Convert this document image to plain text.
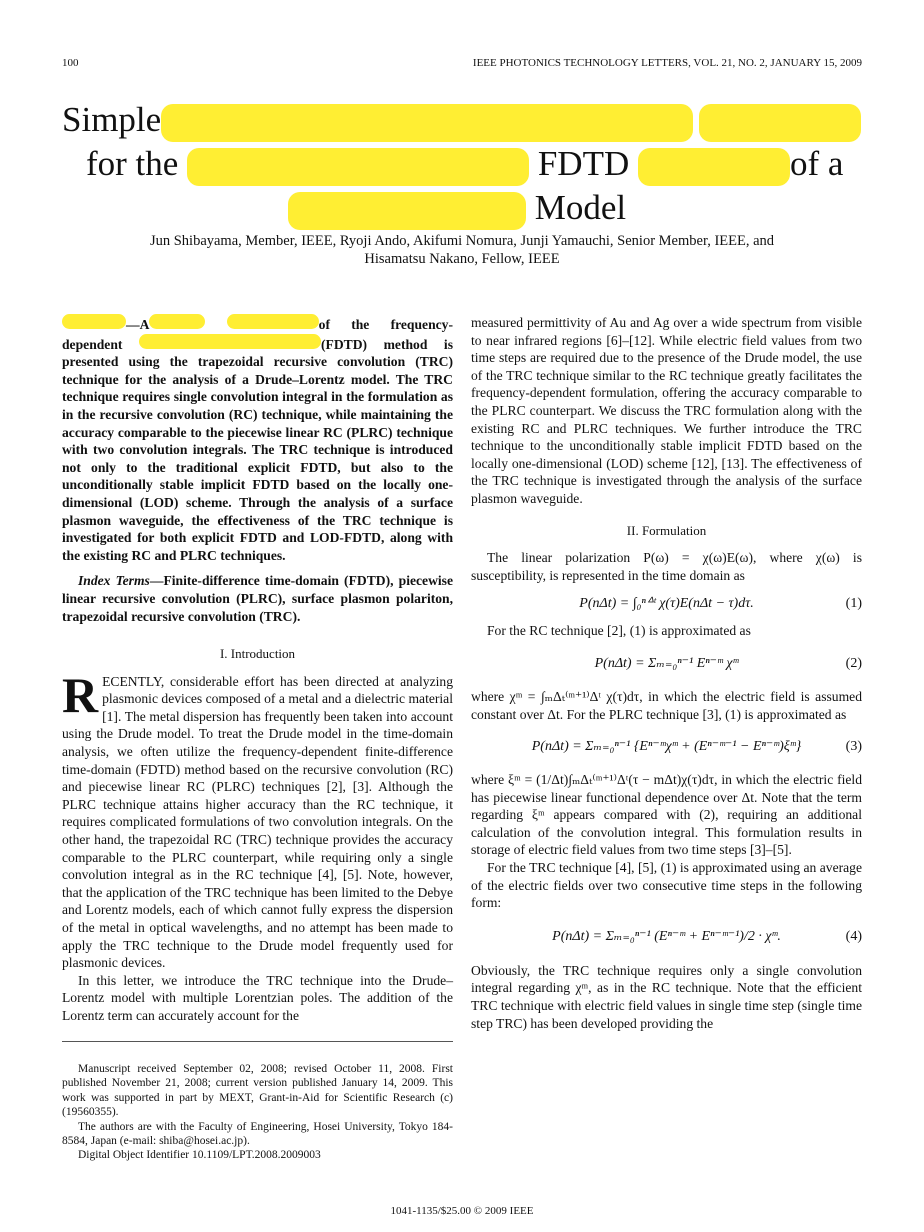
100	IEEE PHOTONICS TECHNOLOGY LETTERS, VOL. 21, NO. 2, JANUARY 15, 2009
Simple
for the	FDTD	of a
Model
Jun Shibayama, Member, IEEE, Ryoji Ando, Akifumi Nomura, Junji Yamauchi, Senior Member, IEEE, and
Hisamatsu Nakano, Fellow, IEEE

—A	of the frequency-dependent	(FDTD) method is presented using the trapezoidal recursive convolution (TRC) technique for the analysis of a Drude–Lorentz model. The TRC technique requires single convolution integral in the formulation as in the recursive convolution (RC) technique, while maintaining the accuracy comparable to the piecewise linear RC (PLRC) technique with two convolution integrals. The TRC technique is introduced not only to the traditional explicit FDTD, but also to the unconditionally stable implicit FDTD based on the locally one-dimensional (LOD) scheme. Through the analysis of a surface plasmon waveguide, the effectiveness of the TRC technique is investigated for both explicit FDTD and LOD-FDTD, along with the existing RC and PLRC techniques.

Index Terms—Finite-difference time-domain (FDTD), piecewise linear recursive convolution (PLRC), surface plasmon polariton, trapezoidal recursive convolution (TRC).

I. Introduction

RECENTLY, considerable effort has been directed at analyzing plasmonic devices composed of a metal and a dielectric material [1]. The metal dispersion has frequently been taken into account using the Drude model. To treat the Drude model in the time-domain analysis, we often utilize the frequency-dependent finite-difference time-domain (FDTD) method based on the recursive convolution (RC) and piecewise linear RC (PLRC) techniques [2], [3]. Although the PLRC technique attains higher accuracy than the RC technique, it requires complicated formulations of two convolution integrals. On the other hand, the trapezoidal RC (TRC) technique provides the accuracy comparable to the PLRC counterpart, while requiring only a single convolution integral as in the RC technique [4], [5]. Note, however, that the application of the TRC technique has been limited to the Debye and Lorentz models, each of which cannot fully express the dispersion of the metal in optical wavelengths, and no attempt has been made to apply the TRC technique to the Drude model frequently used for plasmonic devices.

In this letter, we introduce the TRC technique into the Drude–Lorentz model with multiple Lorentzian poles. The addition of the Lorentz term can accurately account for the

Manuscript received September 02, 2008; revised October 11, 2008. First published November 21, 2008; current version published January 14, 2009. This work was supported in part by MEXT, Grant-in-Aid for Scientific Research (c) (19560355).

The authors are with the Faculty of Engineering, Hosei University, Tokyo 184-8584, Japan (e-mail: shiba@hosei.ac.jp).

Digital Object Identifier 10.1109/LPT.2008.2009003

measured permittivity of Au and Ag over a wide spectrum from visible to near infrared regions [6]–[12]. While electric field values from two time steps are required due to the presence of the Drude model, the use of the TRC technique similar to the RC technique greatly facilitates the frequency-dependent formulation, offering the accuracy comparable to the PLRC counterpart. We discuss the TRC formulation along with the existing RC and PLRC techniques. We further introduce the TRC technique to the unconditionally stable implicit FDTD based on the locally one-dimensional (LOD) scheme [12], [13]. The effectiveness of the TRC technique is investigated through the analysis of the surface plasmon waveguide.

II. Formulation

The linear polarization P(ω) = χ(ω)E(ω), where χ(ω) is susceptibility, is represented in the time domain as

P(nΔt) = ∫₀ⁿᐞᵗ χ(τ)E(nΔt − τ)dτ.	(1)

For the RC technique [2], (1) is approximated as

P(nΔt) = Σₘ₌₀ⁿ⁻¹ Eⁿ⁻ᵐ χᵐ	(2)

where χᵐ = ∫ₘΔₜ⁽ᵐ⁺¹⁾Δᵗ χ(τ)dτ, in which the electric field is assumed constant over Δt. For the PLRC technique [3], (1) is approximated as

P(nΔt) = Σₘ₌₀ⁿ⁻¹ {Eⁿ⁻ᵐχᵐ + (Eⁿ⁻ᵐ⁻¹ − Eⁿ⁻ᵐ)ξᵐ}	(3)

where ξᵐ = (1/Δt)∫ₘΔₜ⁽ᵐ⁺¹⁾Δᵗ(τ − mΔt)χ(τ)dτ, in which the electric field has piecewise linear functional dependence over Δt. Note that the term regarding ξᵐ appears compared with (2), requiring an additional calculation of the convolution integral. This formulation results in storage of electric field values from two time steps [3]–[5].

For the TRC technique [4], [5], (1) is approximated using an average of the electric fields over two consecutive time steps in the following form:

P(nΔt) = Σₘ₌₀ⁿ⁻¹ (Eⁿ⁻ᵐ + Eⁿ⁻ᵐ⁻¹)/2 · χᵐ.	(4)

Obviously, the TRC technique requires only a single convolution integral regarding χᵐ, as in the RC technique. Note that the efficient TRC technique with electric field values in single time step (single time step TRC) has been developed providing the

1041-1135/$25.00 © 2009 IEEE
